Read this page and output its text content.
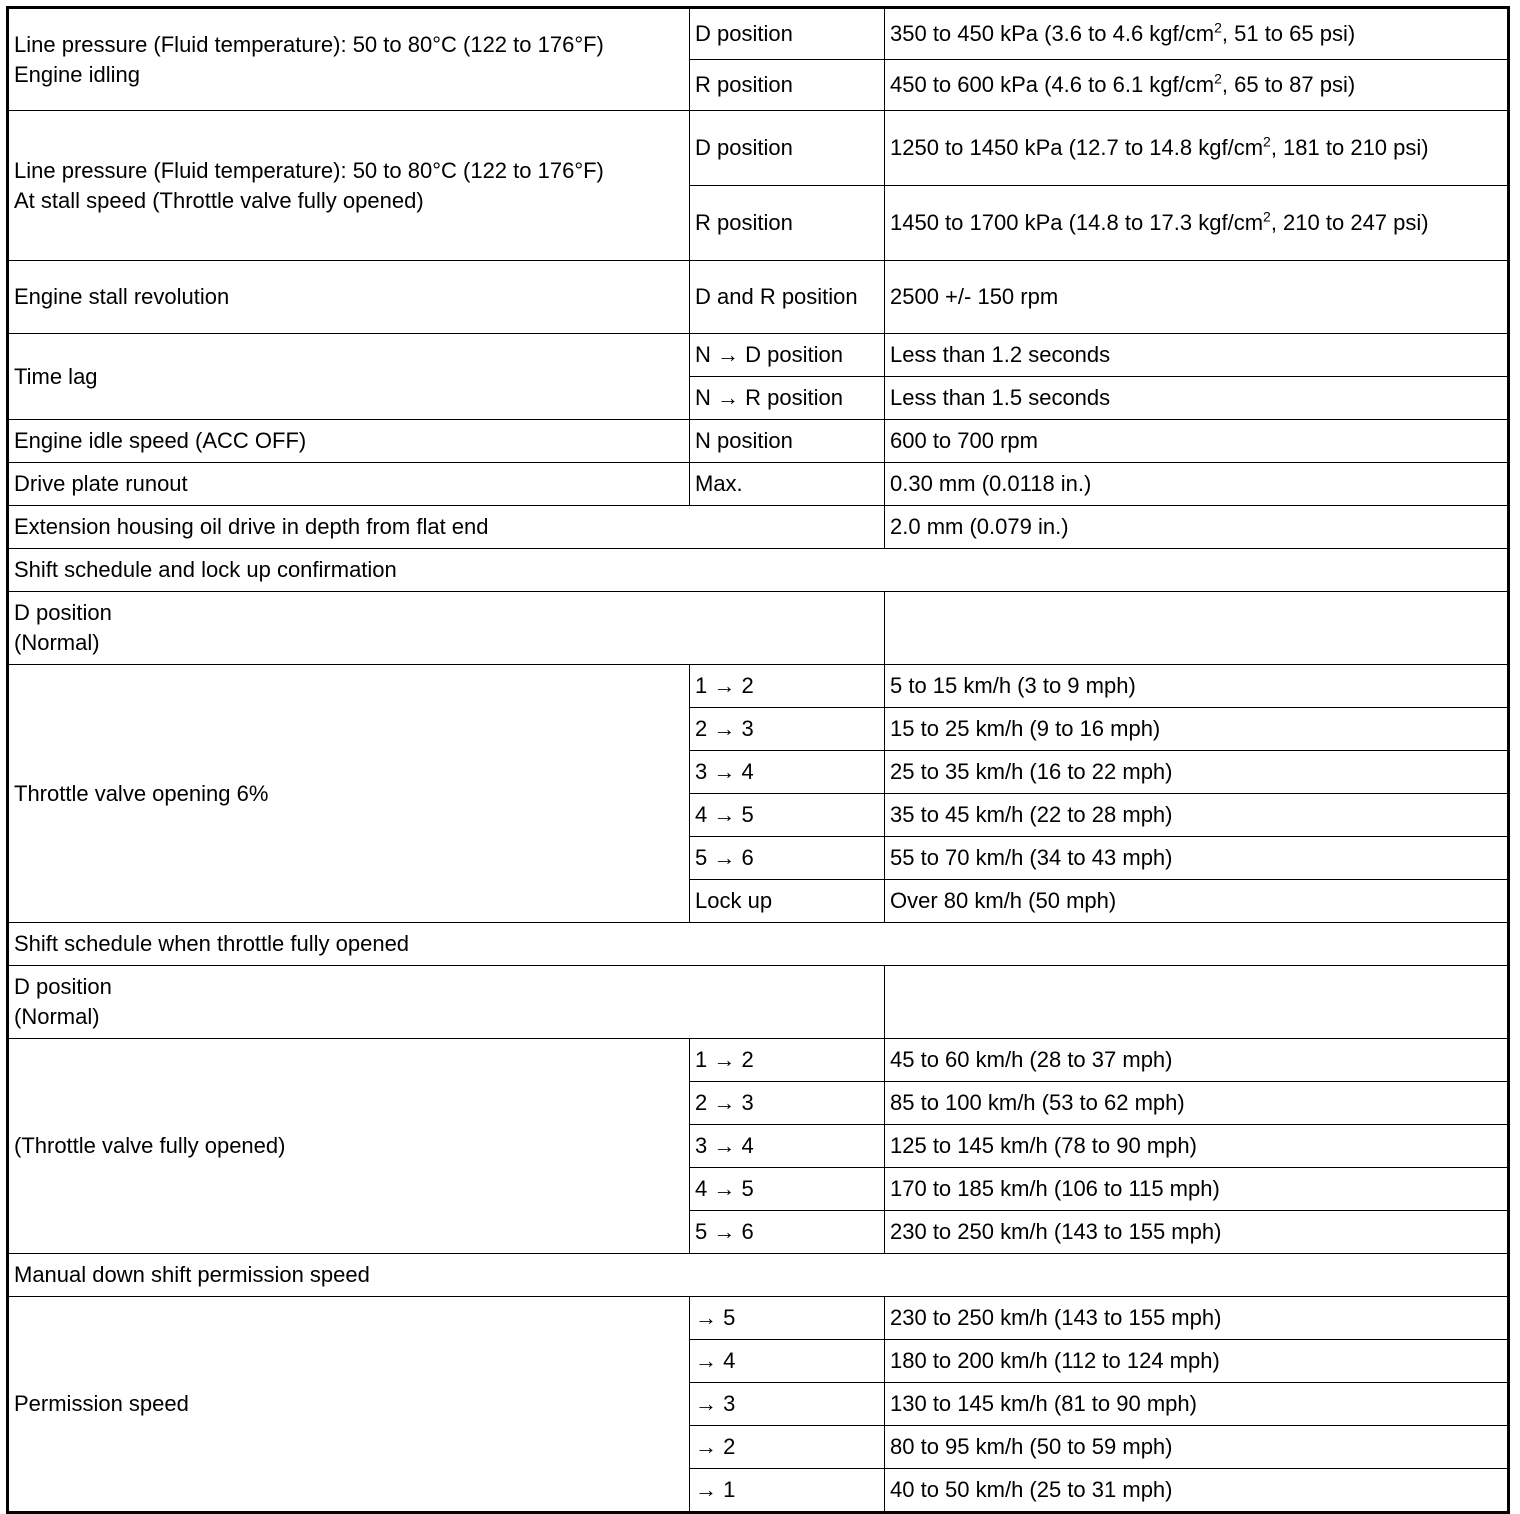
Line pressure (Fluid temperature): 50 to 80°C (122 to 176°F)
Engine idling	D position	350 to 450 kPa (3.6 to 4.6 kgf/$cm^2$, 51 to 65 psi)
	R position	450 to 600 kPa (4.6 to 6.1 kgf/$cm^2$, 65 to 87 psi)

Line pressure (Fluid temperature): 50 to 80°C (122 to 176°F)
At stall speed (Throttle valve fully opened)	D position	1250 to 1450 kPa (12.7 to 14.8 kgf/$cm^2$, 181 to 210 psi)
	R position	1450 to 1700 kPa (14.8 to 17.3 kgf/$cm^2$, 210 to 247 psi)
Engine stall revolution	D and R position	2500 +/- 150 rpm
Time lag	N → D position	Less than 1.2 seconds
	N → R position	Less than 1.5 seconds
Engine idle speed (ACC OFF)	N position	600 to 700 rpm
Drive plate runout	Max.	0.30 mm (0.0118 in.)
Extension housing oil drive in depth from flat end		2.0 mm (0.079 in.)
Shift schedule and lock up confirmation		

D position
(Normal)		

Throttle valve opening 6%	1 → 2	5 to 15 km/h (3 to 9 mph)
	2 → 3	15 to 25 km/h (9 to 16 mph)
	3 → 4	25 to 35 km/h (16 to 22 mph)
	4 → 5	35 to 45 km/h (22 to 28 mph)
	5 → 6	55 to 70 km/h (34 to 43 mph)
	Lock up	Over 80 km/h (50 mph)
Shift schedule when throttle fully opened		

D position
(Normal)		

(Throttle valve fully opened)	1 → 2	45 to 60 km/h (28 to 37 mph)
	2 → 3	85 to 100 km/h (53 to 62 mph)
	3 → 4	125 to 145 km/h (78 to 90 mph)
	4 → 5	170 to 185 km/h (106 to 115 mph)
	5 → 6	230 to 250 km/h (143 to 155 mph)
Manual down shift permission speed		
Permission speed	→ 5	230 to 250 km/h (143 to 155 mph)
	→ 4	180 to 200 km/h (112 to 124 mph)
	→ 3	130 to 145 km/h (81 to 90 mph)
	→ 2	80 to 95 km/h (50 to 59 mph)
	→ 1	40 to 50 km/h (25 to 31 mph)
